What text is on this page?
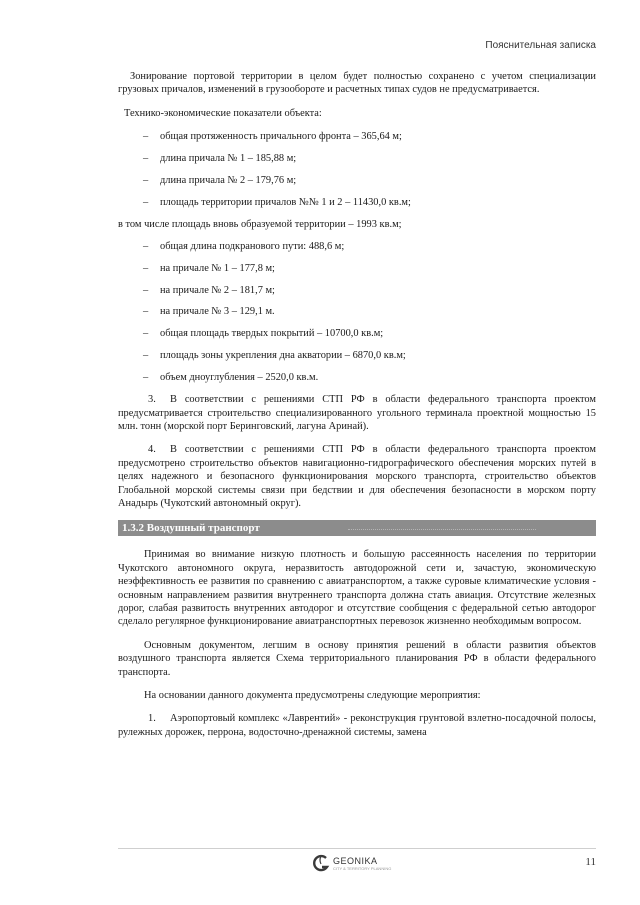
Пояснительная записка

Зонирование портовой территории в целом будет полностью сохранено с учетом специализации грузовых причалов, изменений в грузообороте и расчетных типах судов не предусматривается.

Технико-экономические показатели объекта:

– общая протяженность причального фронта – 365,64 м;

– длина причала № 1 – 185,88 м;

– длина причала № 2 – 179,76 м;

– площадь территории причалов №№ 1 и 2 – 11430,0 кв.м;

в том числе площадь вновь образуемой территории – 1993 кв.м;

– общая длина подкранового пути: 488,6 м;

– на причале № 1 – 177,8 м;

– на причале № 2 – 181,7 м;

– на причале № 3 – 129,1 м.

– общая площадь твердых покрытий – 10700,0 кв.м;

– площадь зоны укрепления дна акватории – 6870,0 кв.м;

– объем дноуглубления – 2520,0 кв.м.

3. В соответствии с решениями СТП РФ в области федерального транспорта проектом предусматривается строительство специализированного угольного терминала проектной мощностью 15 млн. тонн (морской порт Беринговский, лагуна Аринай).

4. В соответствии с решениями СТП РФ в области федерального транспорта проектом предусмотрено строительство объектов навигационно-гидрографического обеспечения морских путей в целях надежного и безопасного функционирования морского транспорта, строительство объектов Глобальной морской системы связи при бедствии и для обеспечения безопасности в морском порту Анадырь (Чукотский автономный округ).

1.3.2 Воздушный транспорт

Принимая во внимание низкую плотность и большую рассеянность населения по территории Чукотского автономного округа, неразвитость автодорожной сети и, зачастую, экономическую неэффективность ее развития по сравнению с авиатранспортом, а также суровые климатические условия - основным направлением развития внутреннего транспорта должна стать авиация. Отсутствие железных дорог, слабая развитость внутренних автодорог и отсутствие сообщения с федеральной сетью автодорог сделало регулярное функционирование авиатранспортных перевозок жизненно необходимым вопросом.

Основным документом, легшим в основу принятия решений в области развития объектов воздушного транспорта является Схема территориального планирования РФ в области федерального транспорта.

На основании данного документа предусмотрены следующие мероприятия:

1. Аэропортовый комплекс «Лаврентий» - реконструкция грунтовой взлетно-посадочной полосы, рулежных дорожек, перрона, водосточно-дренажной системы, замена

GEONIKA
CITY & TERRITORY PLANNING
11
